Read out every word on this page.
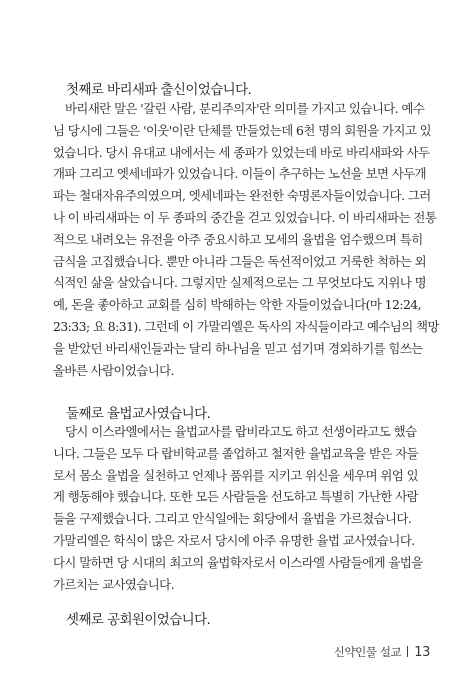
첫째로 바리새파 출신이었습니다.
바리새란 말은 '갈린 사람, 분리주의자'란 의미를 가지고 있습니다. 예수
님 당시에 그들은 '이웃'이란 단체를 만들었는데 6천 명의 회원을 가지고 있
었습니다. 당시 유대교 내에서는 세 종파가 있었는데 바로 바리새파와 사두
개파 그리고 엣세네파가 있었습니다. 이들이 추구하는 노선을 보면 사두개
파는 철대자유주의였으며, 엣세네파는 완전한 숙명론자들이었습니다. 그러
나 이 바리새파는 이 두 종파의 중간을 걷고 있었습니다. 이 바리새파는 전통
적으로 내려오는 유전을 아주 중요시하고 모세의 율법을 엄수했으며 특히
금식을 고집했습니다. 뿐만 아니라 그들은 독선적이었고 거룩한 척하는 외
식적인 삶을 살았습니다. 그렇지만 실제적으로는 그 무엇보다도 지위나 명
예, 돈을 좋아하고 교회를 심히 박해하는 악한 자들이었습니다(마 12:24,
23:33; 요 8:31). 그런데 이 가말리엘은 독사의 자식들이라고 예수님의 책망
을 받았던 바리새인들과는 달리 하나님을 믿고 섬기며 경외하기를 힘쓰는
올바른 사람이었습니다.
둘째로 율법교사였습니다.
당시 이스라엘에서는 율법교사를 랍비라고도 하고 선생이라고도 했습
니다. 그들은 모두 다 랍비학교를 졸업하고 철저한 율법교육을 받은 자들
로서 몸소 율법을 실천하고 언제나 품위를 지키고 위신을 세우며 위엄 있
게 행동해야 했습니다. 또한 모든 사람들을 선도하고 특별히 가난한 사람
들을 구제했습니다. 그리고 안식일에는 회당에서 율법을 가르쳤습니다.
가말리엘은 학식이 많은 자로서 당시에 아주 유명한 율법 교사였습니다.
다시 말하면 당 시대의 최고의 율법학자로서 이스라엘 사람들에게 율법을
가르치는 교사였습니다.
셋째로 공회원이었습니다.
신약인물 설교 13
